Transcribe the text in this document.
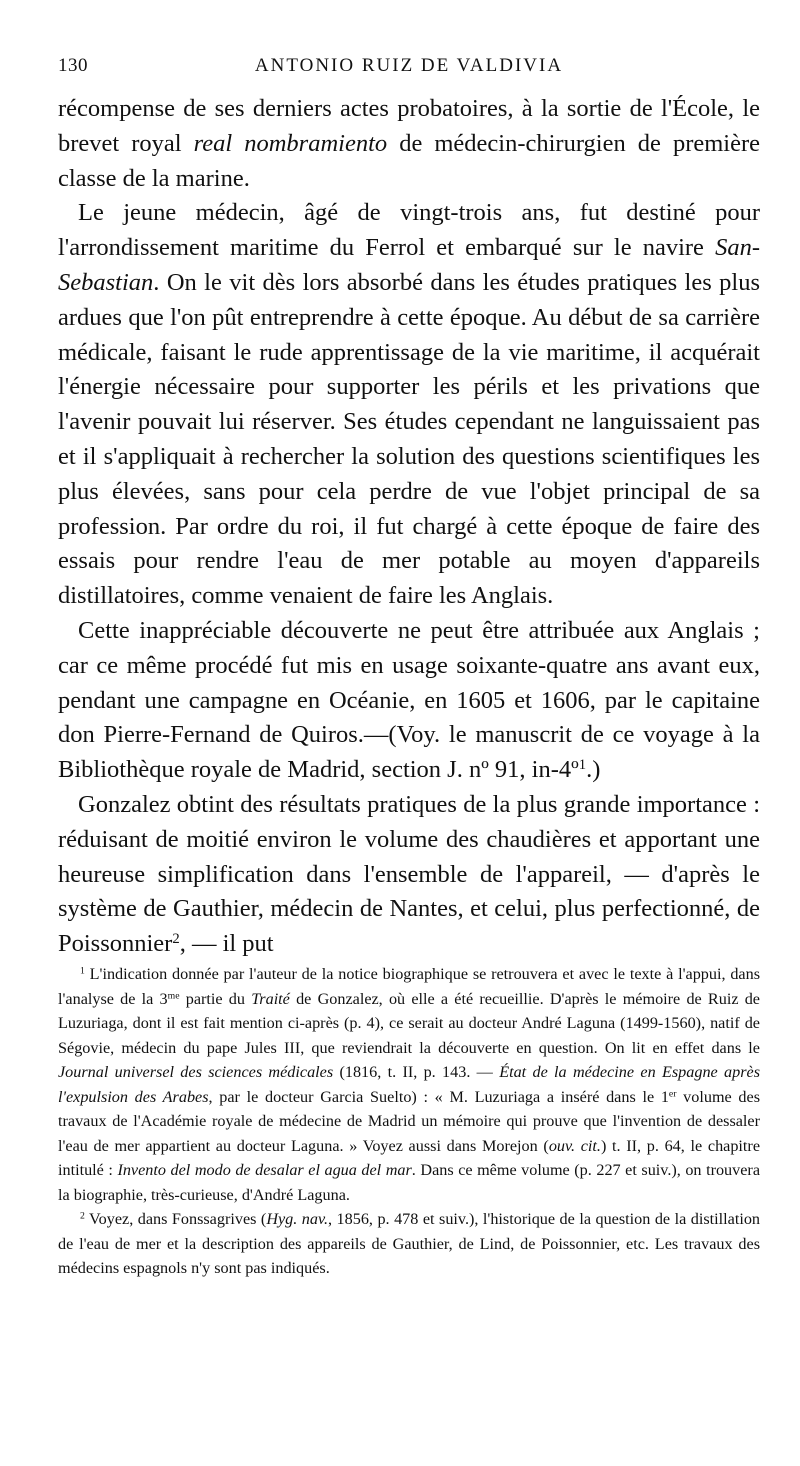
130	ANTONIO RUIZ DE VALDIVIA

récompense de ses derniers actes probatoires, à la sortie de l'École, le brevet royal real nombramiento de médecin-chirurgien de première classe de la marine.

Le jeune médecin, âgé de vingt-trois ans, fut destiné pour l'arrondissement maritime du Ferrol et embarqué sur le navire San-Sebastian. On le vit dès lors absorbé dans les études pratiques les plus ardues que l'on pût entreprendre à cette époque. Au début de sa carrière médicale, faisant le rude apprentissage de la vie maritime, il acquérait l'énergie nécessaire pour supporter les périls et les privations que l'avenir pouvait lui réserver. Ses études cependant ne languissaient pas et il s'appliquait à rechercher la solution des questions scientifiques les plus élevées, sans pour cela perdre de vue l'objet principal de sa profession. Par ordre du roi, il fut chargé à cette époque de faire des essais pour rendre l'eau de mer potable au moyen d'appareils distillatoires, comme venaient de faire les Anglais.

Cette inappréciable découverte ne peut être attribuée aux Anglais ; car ce même procédé fut mis en usage soixante-quatre ans avant eux, pendant une campagne en Océanie, en 1605 et 1606, par le capitaine don Pierre-Fernand de Quiros.—(Voy. le manuscrit de ce voyage à la Bibliothèque royale de Madrid, section J. nº 91, in-4º$^1$.)

Gonzalez obtint des résultats pratiques de la plus grande importance : réduisant de moitié environ le volume des chaudières et apportant une heureuse simplification dans l'ensemble de l'appareil, — d'après le système de Gauthier, médecin de Nantes, et celui, plus perfectionné, de Poissonnier$^2$, — il put

$^1$ L'indication donnée par l'auteur de la notice biographique se retrouvera et avec le texte à l'appui, dans l'analyse de la $3^{me}$ partie du Traité de Gonzalez, où elle a été recueillie. D'après le mémoire de Ruiz de Luzuriaga, dont il est fait mention ci-après (p. 4), ce serait au docteur André Laguna (1499-1560), natif de Ségovie, médecin du pape Jules III, que reviendrait la découverte en question. On lit en effet dans le Journal universel des sciences médicales (1816, t. II, p. 143. — État de la médecine en Espagne après l'expulsion des Arabes, par le docteur Garcia Suelto) : « M. Luzuriaga a inséré dans le 1er volume des travaux de l'Académie royale de médecine de Madrid un mémoire qui prouve que l'invention de dessaler l'eau de mer appartient au docteur Laguna. » Voyez aussi dans Morejon (ouv. cit.) t. II, p. 64, le chapitre intitulé : Invento del modo de desalar el agua del mar. Dans ce même volume (p. 227 et suiv.), on trouvera la biographie, très-curieuse, d'André Laguna.

$^2$ Voyez, dans Fonssagrives (Hyg. nav., 1856, p. 478 et suiv.), l'historique de la question de la distillation de l'eau de mer et la description des appareils de Gauthier, de Lind, de Poissonnier, etc. Les travaux des médecins espagnols n'y sont pas indiqués.
